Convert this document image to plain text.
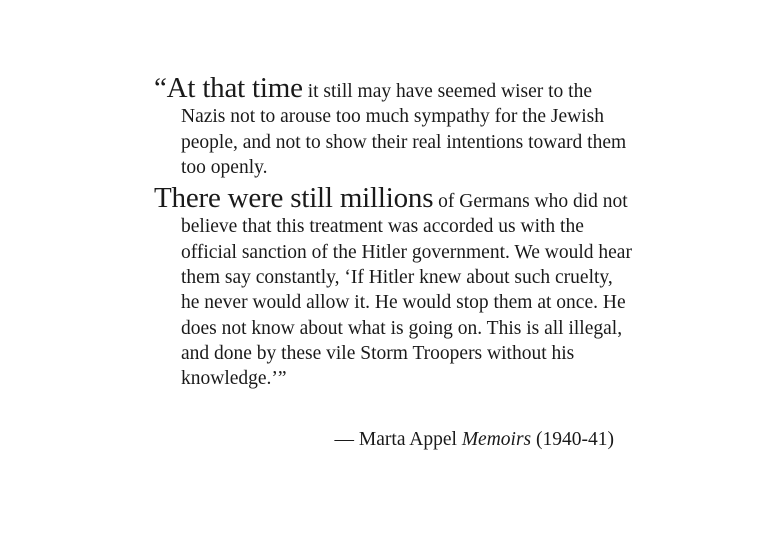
“At that time it still may have seemed wiser to the Nazis not to arouse too much sympathy for the Jewish people, and not to show their real intentions toward them too openly.

There were still millions of Germans who did not believe that this treatment was accorded us with the official sanction of the Hitler government. We would hear them say constantly, ‘If Hitler knew about such cruelty, he never would allow it. He would stop them at once. He does not know about what is going on. This is all illegal, and done by these vile Storm Troopers without his knowledge.’”

— Marta Appel Memoirs (1940-41)
